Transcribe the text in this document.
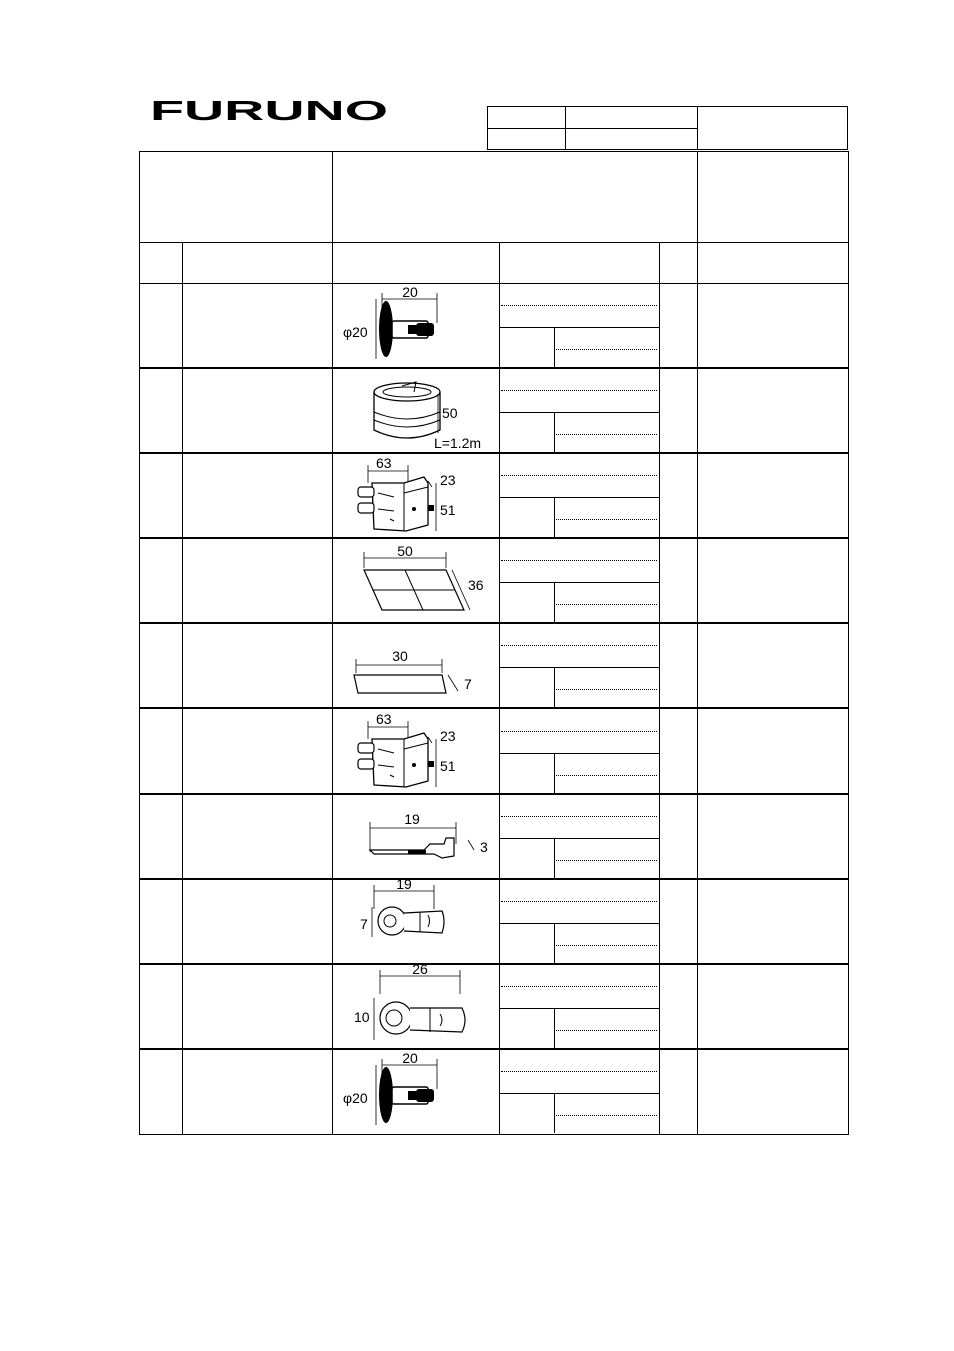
FURUNO
20
φ20
50
L=1.2m
63
23
51
50
36
30
7
63
23
51
19
3
19
7
26
10
20
φ20
